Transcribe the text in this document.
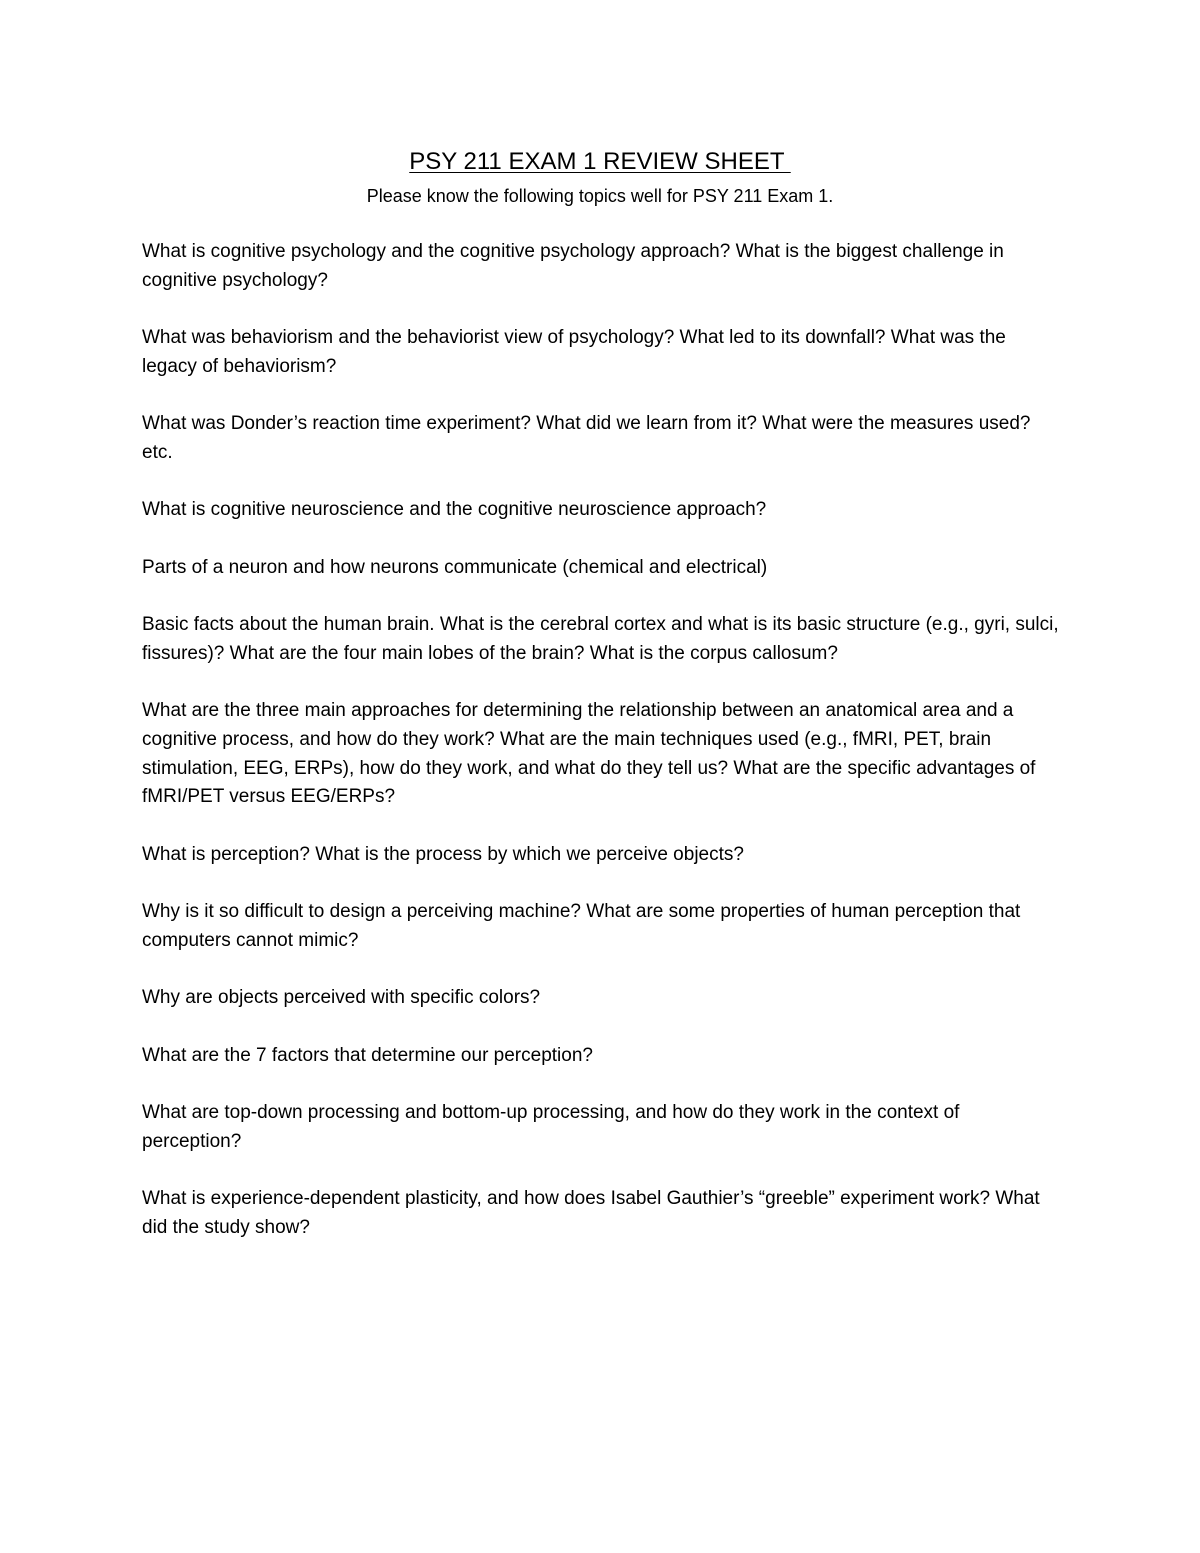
PSY 211 EXAM 1 REVIEW SHEET
Please know the following topics well for PSY 211 Exam 1.
What is cognitive psychology and the cognitive psychology approach? What is the biggest challenge in cognitive psychology?
What was behaviorism and the behaviorist view of psychology? What led to its downfall? What was the legacy of behaviorism?
What was Donder’s reaction time experiment? What did we learn from it? What were the measures used? etc.
What is cognitive neuroscience and the cognitive neuroscience approach?
Parts of a neuron and how neurons communicate (chemical and electrical)
Basic facts about the human brain. What is the cerebral cortex and what is its basic structure (e.g., gyri, sulci, fissures)? What are the four main lobes of the brain? What is the corpus callosum?
What are the three main approaches for determining the relationship between an anatomical area and a cognitive process, and how do they work? What are the main techniques used (e.g., fMRI, PET, brain stimulation, EEG, ERPs), how do they work, and what do they tell us? What are the specific advantages of fMRI/PET versus EEG/ERPs?
What is perception? What is the process by which we perceive objects?
Why is it so difficult to design a perceiving machine? What are some properties of human perception that computers cannot mimic?
Why are objects perceived with specific colors?
What are the 7 factors that determine our perception?
What are top-down processing and bottom-up processing, and how do they work in the context of perception?
What is experience-dependent plasticity, and how does Isabel Gauthier’s “greeble” experiment work? What did the study show?
